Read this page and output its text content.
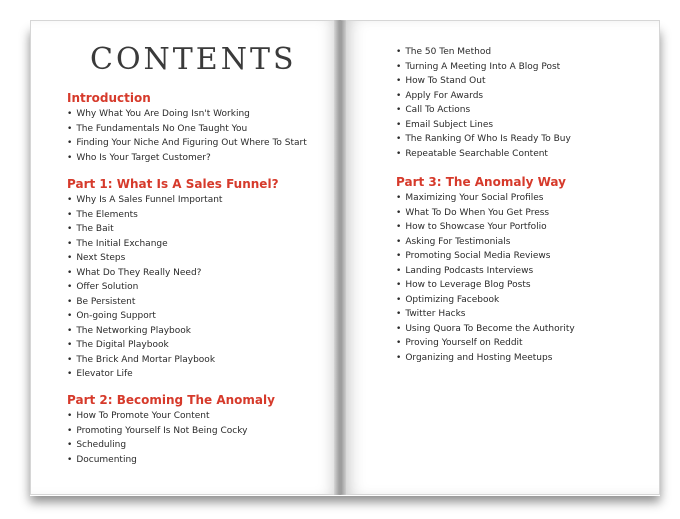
CONTENTS
Introduction
• Why What You Are Doing Isn't Working
• The Fundamentals No One Taught You
• Finding Your Niche And Figuring Out Where To Start
• Who Is Your Target Customer?
Part 1: What Is A Sales Funnel?
• Why Is A Sales Funnel Important
• The Elements
• The Bait
• The Initial Exchange
• Next Steps
• What Do They Really Need?
• Offer Solution
• Be Persistent
• On-going Support
• The Networking Playbook
• The Digital Playbook
• The Brick And Mortar Playbook
• Elevator Life
Part 2: Becoming The Anomaly
• How To Promote Your Content
• Promoting Yourself Is Not Being Cocky
• Scheduling
• Documenting
• The 50 Ten Method
• Turning A Meeting Into A Blog Post
• How To Stand Out
• Apply For Awards
• Call To Actions
• Email Subject Lines
• The Ranking Of Who Is Ready To Buy
• Repeatable Searchable Content
Part 3: The Anomaly Way
• Maximizing Your Social Profiles
• What To Do When You Get Press
• How to Showcase Your Portfolio
• Asking For Testimonials
• Promoting Social Media Reviews
• Landing Podcasts Interviews
• How to Leverage Blog Posts
• Optimizing Facebook
• Twitter Hacks
• Using Quora To Become the Authority
• Proving Yourself on Reddit
• Organizing and Hosting Meetups
